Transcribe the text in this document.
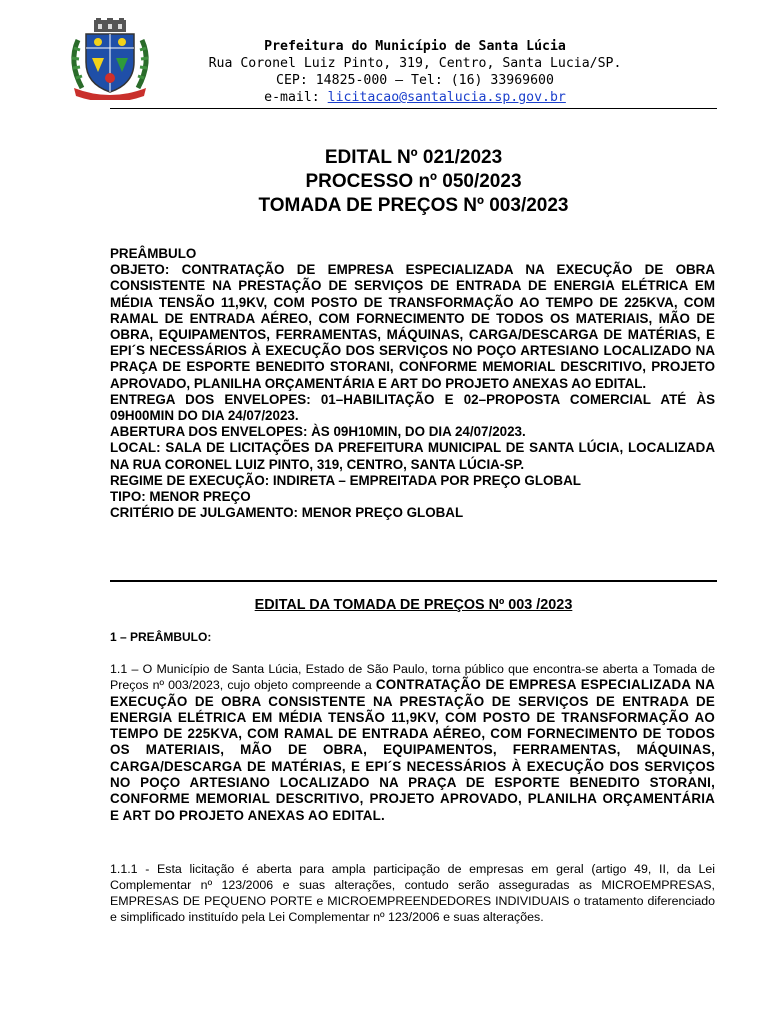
Prefeitura do Município de Santa Lúcia
Rua Coronel Luiz Pinto, 319, Centro, Santa Lucia/SP.
CEP: 14825-000 – Tel: (16) 33969600
e-mail: licitacao@santalucia.sp.gov.br
EDITAL Nº 021/2023
PROCESSO nº 050/2023
TOMADA DE PREÇOS Nº 003/2023

PREÂMBULO

OBJETO: CONTRATAÇÃO DE EMPRESA ESPECIALIZADA NA EXECUÇÃO DE OBRA CONSISTENTE NA PRESTAÇÃO DE SERVIÇOS DE ENTRADA DE ENERGIA ELÉTRICA EM MÉDIA TENSÃO 11,9KV, COM POSTO DE TRANSFORMAÇÃO AO TEMPO DE 225KVA, COM RAMAL DE ENTRADA AÉREO, COM FORNECIMENTO DE TODOS OS MATERIAIS, MÃO DE OBRA, EQUIPAMENTOS, FERRAMENTAS, MÁQUINAS, CARGA/DESCARGA DE MATÉRIAS, E EPI´S NECESSÁRIOS À EXECUÇÃO DOS SERVIÇOS NO POÇO ARTESIANO LOCALIZADO NA PRAÇA DE ESPORTE BENEDITO STORANI, CONFORME MEMORIAL DESCRITIVO, PROJETO APROVADO, PLANILHA ORÇAMENTÁRIA E ART DO PROJETO ANEXAS AO EDITAL.

ENTREGA DOS ENVELOPES: 01–HABILITAÇÃO E 02–PROPOSTA COMERCIAL ATÉ ÀS 09H00MIN DO DIA 24/07/2023.

ABERTURA DOS ENVELOPES: ÀS 09H10MIN, DO DIA 24/07/2023.

LOCAL: SALA DE LICITAÇÕES DA PREFEITURA MUNICIPAL DE SANTA LÚCIA, LOCALIZADA NA RUA CORONEL LUIZ PINTO, 319, CENTRO, SANTA LÚCIA-SP.

REGIME DE EXECUÇÃO: INDIRETA – EMPREITADA POR PREÇO GLOBAL

TIPO: MENOR PREÇO

CRITÉRIO DE JULGAMENTO: MENOR PREÇO GLOBAL

EDITAL DA TOMADA DE PREÇOS Nº 003 /2023
1 – PREÂMBULO:
1.1 – O Município de Santa Lúcia, Estado de São Paulo, torna público que encontra-se aberta a Tomada de Preços nº 003/2023, cujo objeto compreende a CONTRATAÇÃO DE EMPRESA ESPECIALIZADA NA EXECUÇÃO DE OBRA CONSISTENTE NA PRESTAÇÃO DE SERVIÇOS DE ENTRADA DE ENERGIA ELÉTRICA EM MÉDIA TENSÃO 11,9KV, COM POSTO DE TRANSFORMAÇÃO AO TEMPO DE 225KVA, COM RAMAL DE ENTRADA AÉREO, COM FORNECIMENTO DE TODOS OS MATERIAIS, MÃO DE OBRA, EQUIPAMENTOS, FERRAMENTAS, MÁQUINAS, CARGA/DESCARGA DE MATÉRIAS, E EPI´S NECESSÁRIOS À EXECUÇÃO DOS SERVIÇOS NO POÇO ARTESIANO LOCALIZADO NA PRAÇA DE ESPORTE BENEDITO STORANI, CONFORME MEMORIAL DESCRITIVO, PROJETO APROVADO, PLANILHA ORÇAMENTÁRIA E ART DO PROJETO ANEXAS AO EDITAL.
1.1.1 - Esta licitação é aberta para ampla participação de empresas em geral (artigo 49, II, da Lei Complementar nº 123/2006 e suas alterações, contudo serão asseguradas as MICROEMPRESAS, EMPRESAS DE PEQUENO PORTE e MICROEMPREENDEDORES INDIVIDUAIS o tratamento diferenciado e simplificado instituído pela Lei Complementar nº 123/2006 e suas alterações.
